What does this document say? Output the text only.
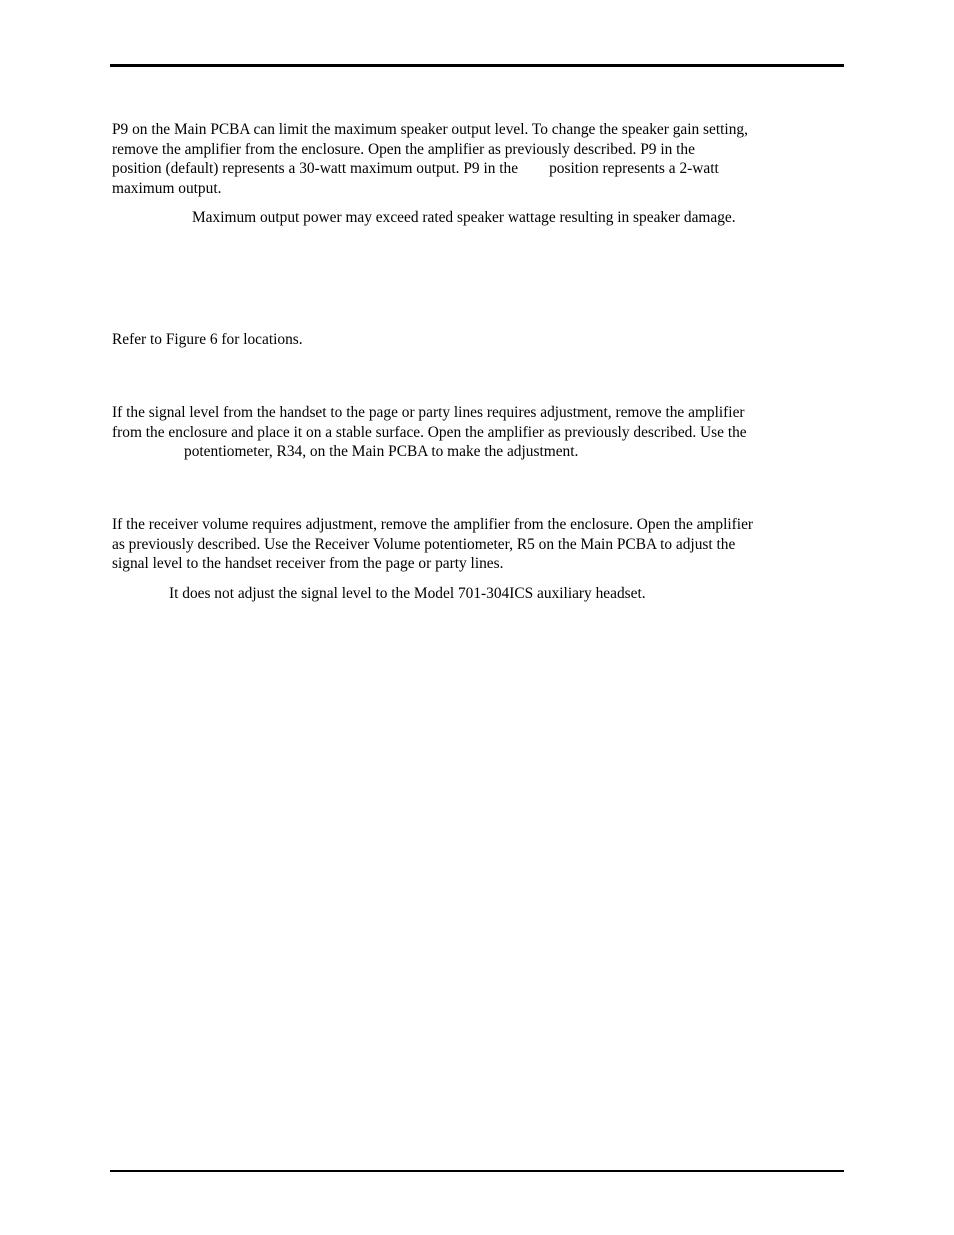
P9 on the Main PCBA can limit the maximum speaker output level. To change the speaker gain setting,
remove the amplifier from the enclosure. Open the amplifier as previously described. P9 in the
position (default) represents a 30-watt maximum output. P9 in the position represents a 2-watt
maximum output.
Maximum output power may exceed rated speaker wattage resulting in speaker damage.
Refer to Figure 6 for locations.
If the signal level from the handset to the page or party lines requires adjustment, remove the amplifier
from the enclosure and place it on a stable surface. Open the amplifier as previously described. Use the
potentiometer, R34, on the Main PCBA to make the adjustment.
If the receiver volume requires adjustment, remove the amplifier from the enclosure. Open the amplifier
as previously described. Use the Receiver Volume potentiometer, R5 on the Main PCBA to adjust the
signal level to the handset receiver from the page or party lines.
It does not adjust the signal level to the Model 701-304ICS auxiliary headset.
